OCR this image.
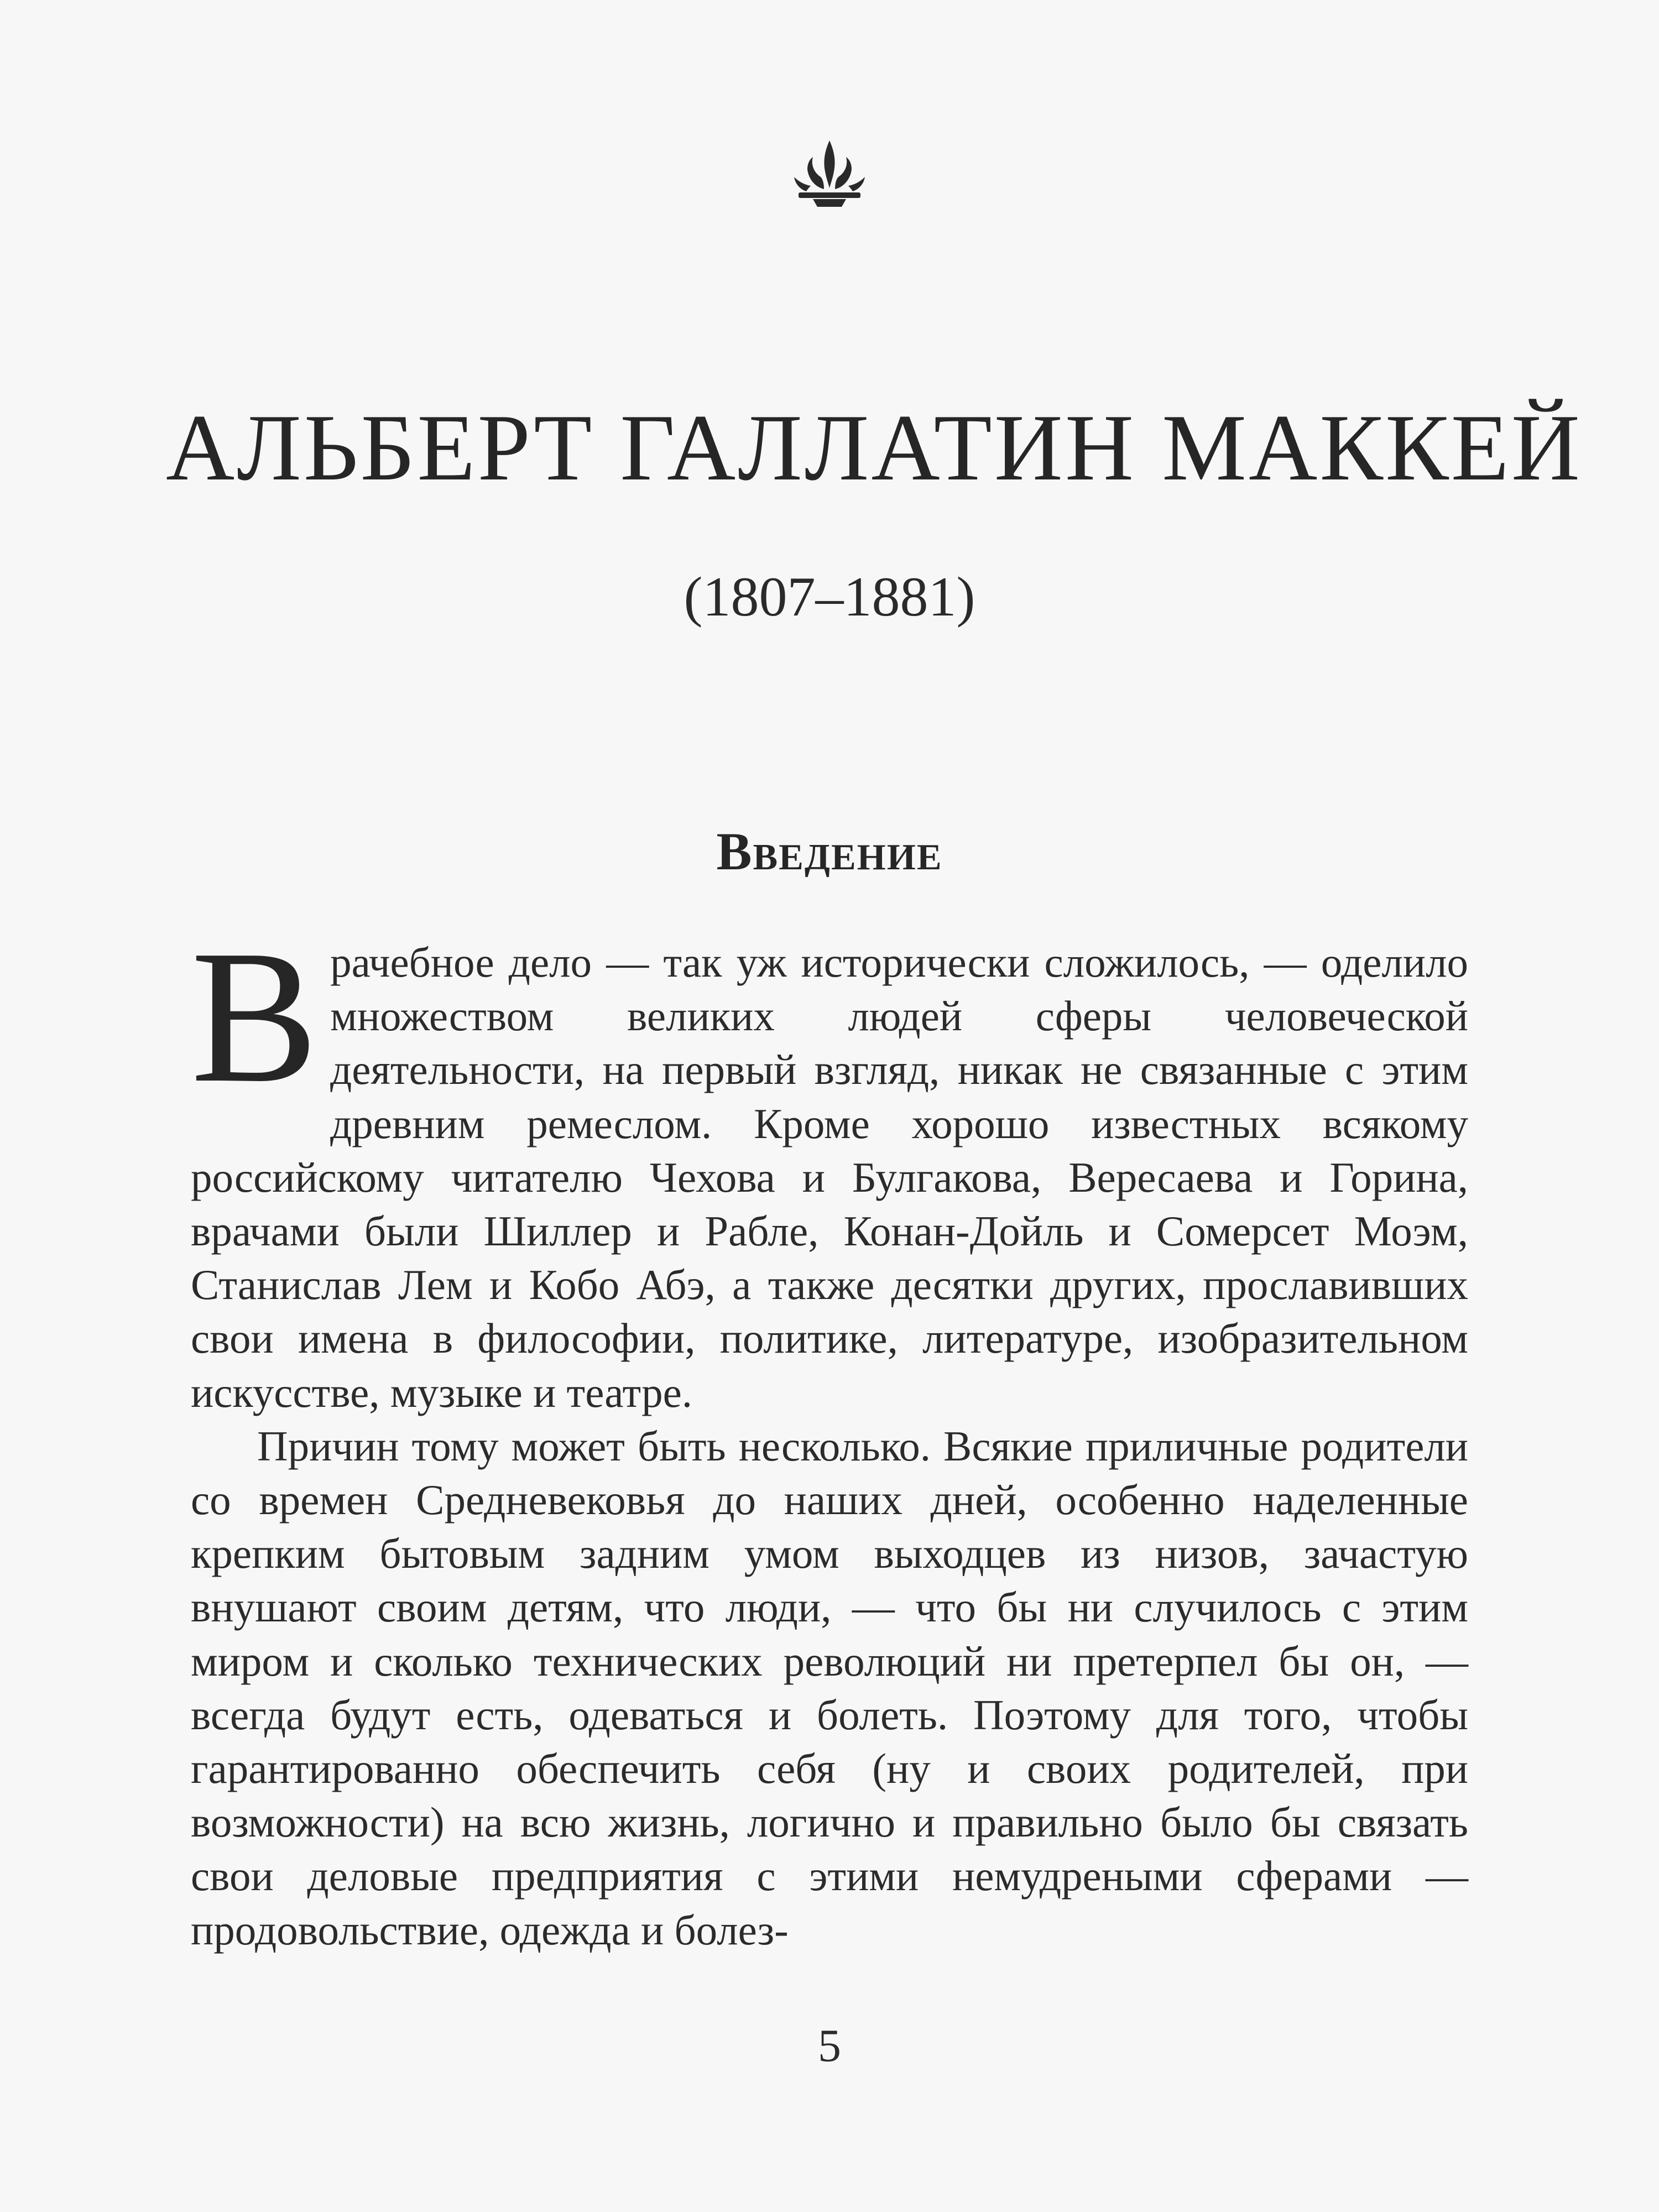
АЛЬБЕРТ ГАЛЛАТИН МАККЕЙ
(1807–1881)
Введение

Врачебное дело — так уж исторически сложилось, — оделило множеством великих людей сферы человеческой деятельности, на первый взгляд, никак не связанные с этим древним ремеслом. Кроме хорошо известных всякому российскому читателю Чехова и Булгакова, Вересаева и Горина, врачами были Шиллер и Рабле, Конан-Дойль и Сомерсет Моэм, Станислав Лем и Кобо Абэ, а также десятки других, прославивших свои имена в философии, политике, литературе, изобразительном искусстве, музыке и театре.

Причин тому может быть несколько. Всякие приличные родители со времен Средневековья до наших дней, особенно наделенные крепким бытовым задним умом выходцев из низов, зачастую внушают своим детям, что люди, — что бы ни случилось с этим миром и сколько технических революций ни претерпел бы он, — всегда будут есть, одеваться и болеть. Поэтому для того, чтобы гарантированно обеспечить себя (ну и своих родителей, при возможности) на всю жизнь, логично и правильно было бы связать свои деловые предприятия с этими немудреными сферами — продовольствие, одежда и болез-

5
